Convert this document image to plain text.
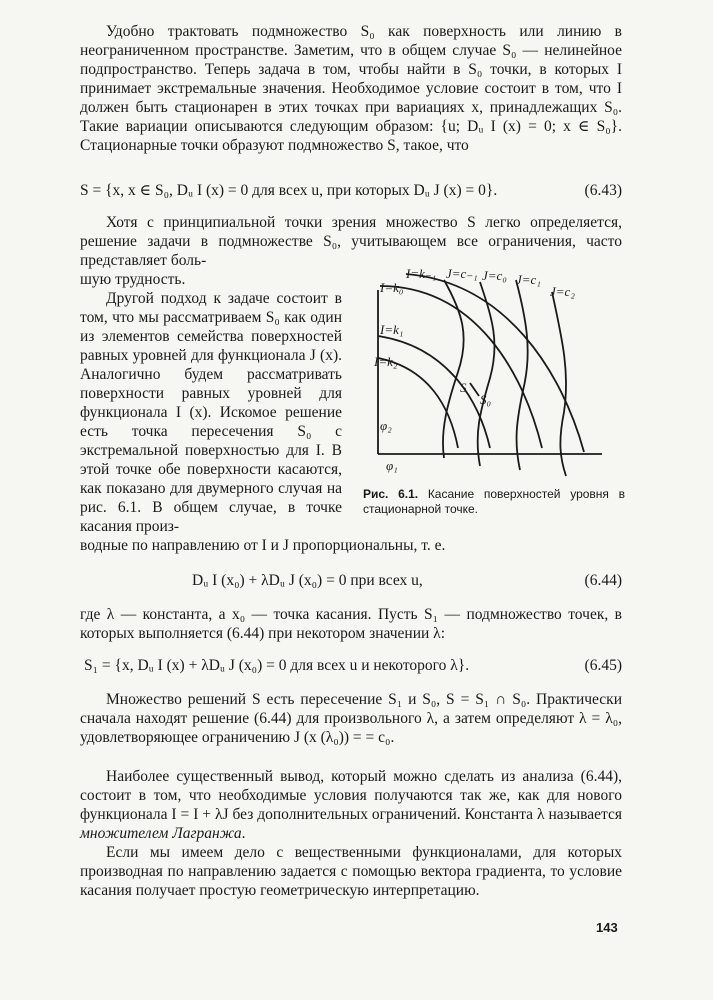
Удобно трактовать подмножество S₀ как поверхность или линию в неограниченном пространстве. Заметим, что в общем случае S₀ — нелинейное подпространство. Теперь задача в том, чтобы найти в S₀ точки, в которых I принимает экстремальные значения. Необходимое условие состоит в том, что I должен быть стационарен в этих точках при вариациях x, принадлежащих S₀. Такие вариации описываются следующим образом: {u; Dᵤ I (x) = 0; x ∈ S₀}. Стационарные точки образуют подмножество S, такое, что

S = {x, x ∈ S₀, Dᵤ I (x) = 0 для всех u, при которых Dᵤ J (x) = 0}.	(6.43)

Хотя с принципиальной точки зрения множество S легко определяется, решение задачи в подмножестве S₀, учитывающем все ограничения, часто представляет боль-

шую трудность.

Другой подход к задаче состоит в том, что мы рассматриваем S₀ как один из элементов семейства поверхностей равных уровней для функционала J (x). Аналогично будем рассматривать поверхности равных уровней для функционала I (x). Искомое решение есть точка пересечения S₀ с экстремальной поверхностью для I. В этой точке обе поверхности касаются, как показано для двумерного случая на рис. 6.1. В общем случае, в точке касания произ-

водные по направлению от I и J пропорциональны, т. е.

Dᵤ I (x₀) + λDᵤ J (x₀) = 0 при всех u,	(6.44)

где λ — константа, а x₀ — точка касания. Пусть S₁ — подмножество точек, в которых выполняется (6.44) при некотором значении λ:

S₁ = {x, Dᵤ I (x) + λDᵤ J (x₀) = 0 для всех u и некоторого λ}.	(6.45)

Множество решений S есть пересечение S₁ и S₀, S = S₁ ∩ S₀. Практически сначала находят решение (6.44) для произвольного λ, а затем определяют λ = λ₀, удовлетворяющее ограничению J (x (λ₀)) = = c₀.

Наиболее существенный вывод, который можно сделать из анализа (6.44), состоит в том, что необходимые условия получаются так же, как для нового функционала I = I + λJ без дополнительных ограничений. Константа λ называется множителем Лагранжа.

Если мы имеем дело с вещественными функционалами, для которых производная по направлению задается с помощью вектора градиента, то условие касания получает простую геометрическую интерпретацию.

I=k₀
I=k₋₁ J=c₋₁ J=c₀ J=c₁
J=c₂
I=k₁
I=k₂
S
S₀
φ₂
φ₁
Рис. 6.1. Касание поверхностей уровня в стационарной точке.
143
